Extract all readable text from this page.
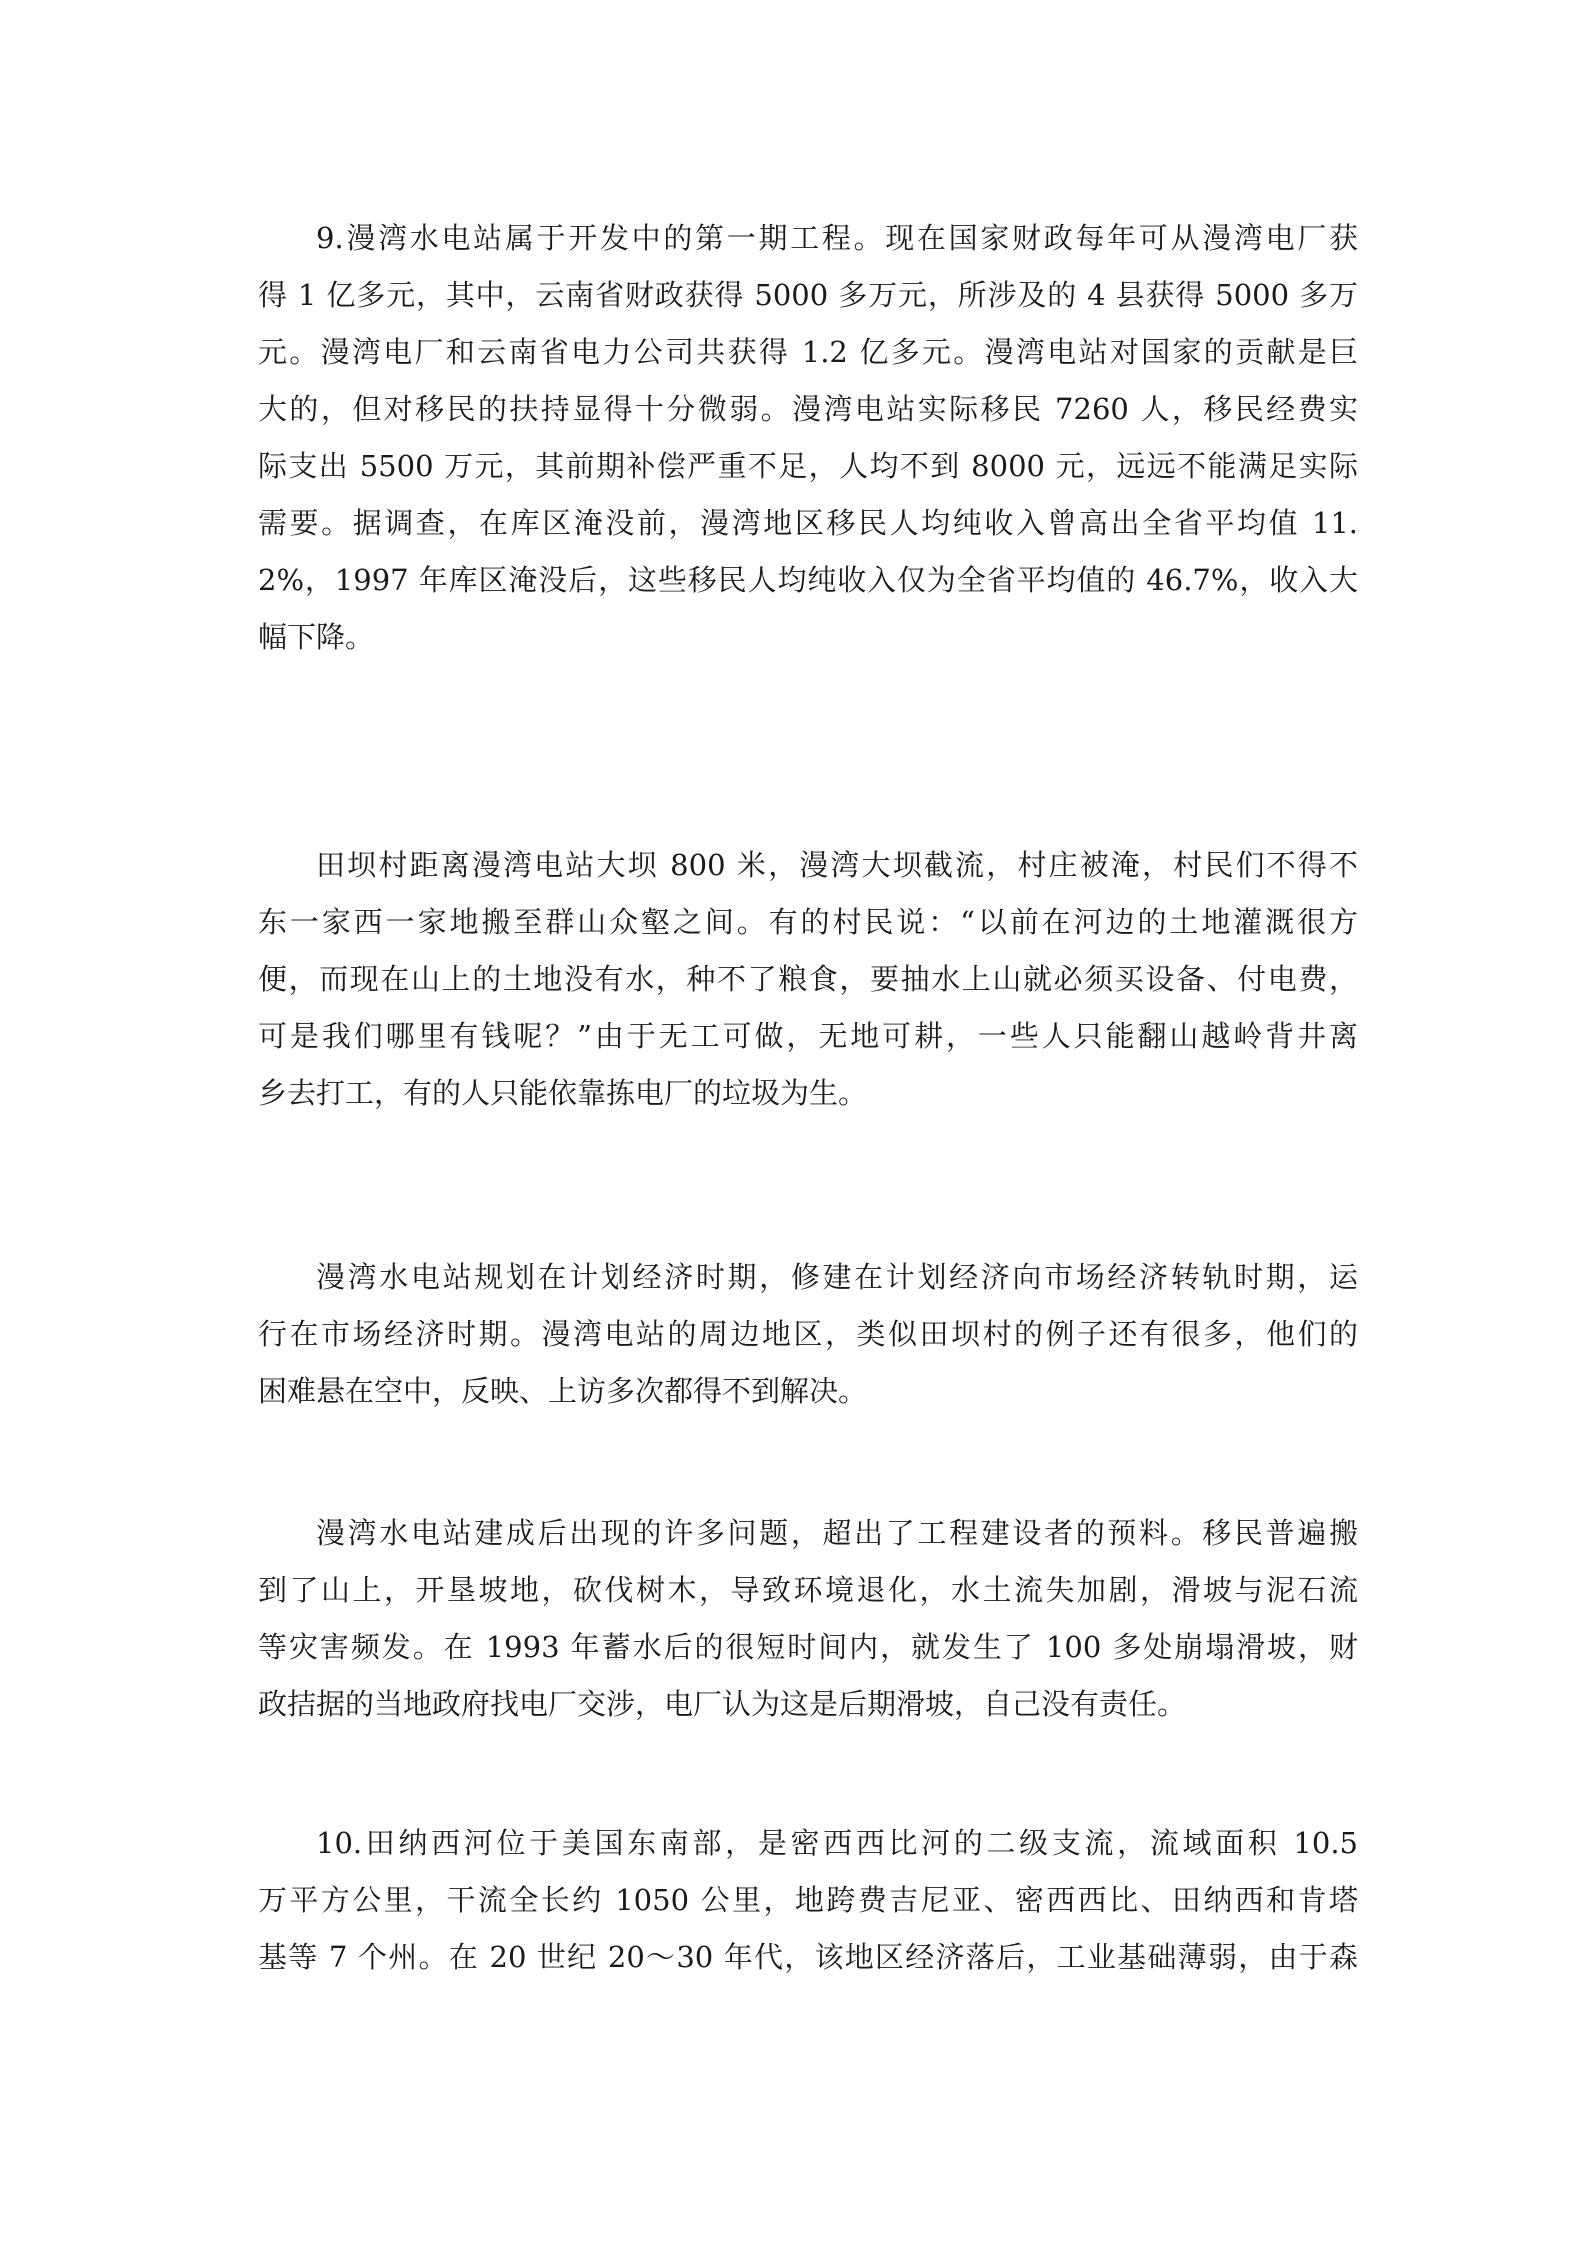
9.漫湾水电站属于开发中的第一期工程。现在国家财政每年可从漫湾电厂获
得 1 亿多元，其中，云南省财政获得 5000 多万元，所涉及的 4 县获得 5000 多万
元。漫湾电厂和云南省电力公司共获得 1.2 亿多元。漫湾电站对国家的贡献是巨
大的，但对移民的扶持显得十分微弱。漫湾电站实际移民 7260 人，移民经费实
际支出 5500 万元，其前期补偿严重不足，人均不到 8000 元，远远不能满足实际
需要。据调查，在库区淹没前，漫湾地区移民人均纯收入曾高出全省平均值 11.
2%，1997 年库区淹没后，这些移民人均纯收入仅为全省平均值的 46.7%，收入大
幅下降。
田坝村距离漫湾电站大坝 800 米，漫湾大坝截流，村庄被淹，村民们不得不
东一家西一家地搬至群山众壑之间。有的村民说：“以前在河边的土地灌溉很方
便，而现在山上的土地没有水，种不了粮食，要抽水上山就必须买设备、付电费，
可是我们哪里有钱呢？”由于无工可做，无地可耕，一些人只能翻山越岭背井离
乡去打工，有的人只能依靠拣电厂的垃圾为生。
漫湾水电站规划在计划经济时期，修建在计划经济向市场经济转轨时期，运
行在市场经济时期。漫湾电站的周边地区，类似田坝村的例子还有很多，他们的
困难悬在空中，反映、上访多次都得不到解决。
漫湾水电站建成后出现的许多问题，超出了工程建设者的预料。移民普遍搬
到了山上，开垦坡地，砍伐树木，导致环境退化，水土流失加剧，滑坡与泥石流
等灾害频发。在 1993 年蓄水后的很短时间内，就发生了 100 多处崩塌滑坡，财
政拮据的当地政府找电厂交涉，电厂认为这是后期滑坡，自己没有责任。
10.田纳西河位于美国东南部，是密西西比河的二级支流，流域面积 10.5
万平方公里，干流全长约 1050 公里，地跨费吉尼亚、密西西比、田纳西和肯塔
基等 7 个州。在 20 世纪 20～30 年代，该地区经济落后，工业基础薄弱，由于森
